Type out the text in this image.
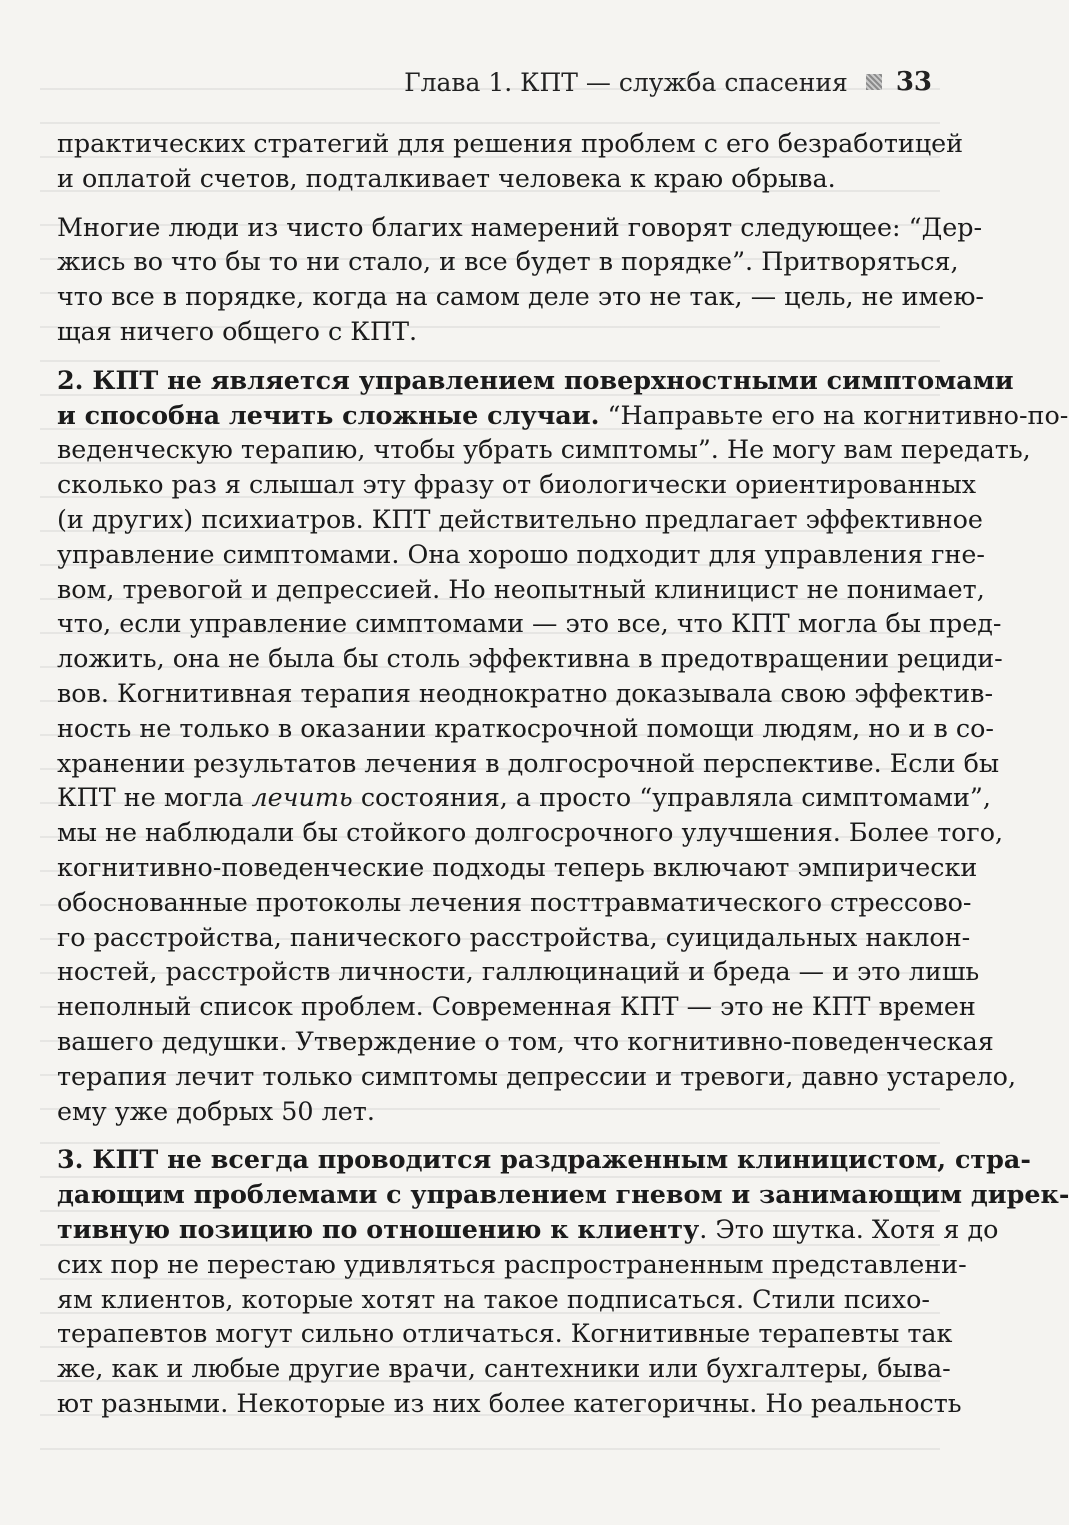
Глава 1. КПТ — служба спасения 33

практических стратегий для решения проблем с его безработицей
и оплатой счетов, подталкивает человека к краю обрыва.

Многие люди из чисто благих намерений говорят следующее: “Дер-
жись во что бы то ни стало, и все будет в порядке”. Притворяться,
что все в порядке, когда на самом деле это не так, — цель, не имею-
щая ничего общего с КПТ.

2. КПТ не является управлением поверхностными симптомами
и способна лечить сложные случаи. “Направьте его на когнитивно-по-
веденческую терапию, чтобы убрать симптомы”. Не могу вам передать,
сколько раз я слышал эту фразу от биологически ориентированных
(и других) психиатров. КПТ действительно предлагает эффективное
управление симптомами. Она хорошо подходит для управления гне-
вом, тревогой и депрессией. Но неопытный клиницист не понимает,
что, если управление симптомами — это все, что КПТ могла бы пред-
ложить, она не была бы столь эффективна в предотвращении рециди-
вов. Когнитивная терапия неоднократно доказывала свою эффектив-
ность не только в оказании краткосрочной помощи людям, но и в со-
хранении результатов лечения в долгосрочной перспективе. Если бы
КПТ не могла лечить состояния, а просто “управляла симптомами”,
мы не наблюдали бы стойкого долгосрочного улучшения. Более того,
когнитивно-поведенческие подходы теперь включают эмпирически
обоснованные протоколы лечения посттравматического стрессово-
го расстройства, панического расстройства, суицидальных наклон-
ностей, расстройств личности, галлюцинаций и бреда — и это лишь
неполный список проблем. Современная КПТ — это не КПТ времен
вашего дедушки. Утверждение о том, что когнитивно-поведенческая
терапия лечит только симптомы депрессии и тревоги, давно устарело,
ему уже добрых 50 лет.

3. КПТ не всегда проводится раздраженным клиницистом, стра-
дающим проблемами с управлением гневом и занимающим дирек-
тивную позицию по отношению к клиенту. Это шутка. Хотя я до
сих пор не перестаю удивляться распространенным представлени-
ям клиентов, которые хотят на такое подписаться. Стили психо-
терапевтов могут сильно отличаться. Когнитивные терапевты так
же, как и любые другие врачи, сантехники или бухгалтеры, быва-
ют разными. Некоторые из них более категоричны. Но реальность
